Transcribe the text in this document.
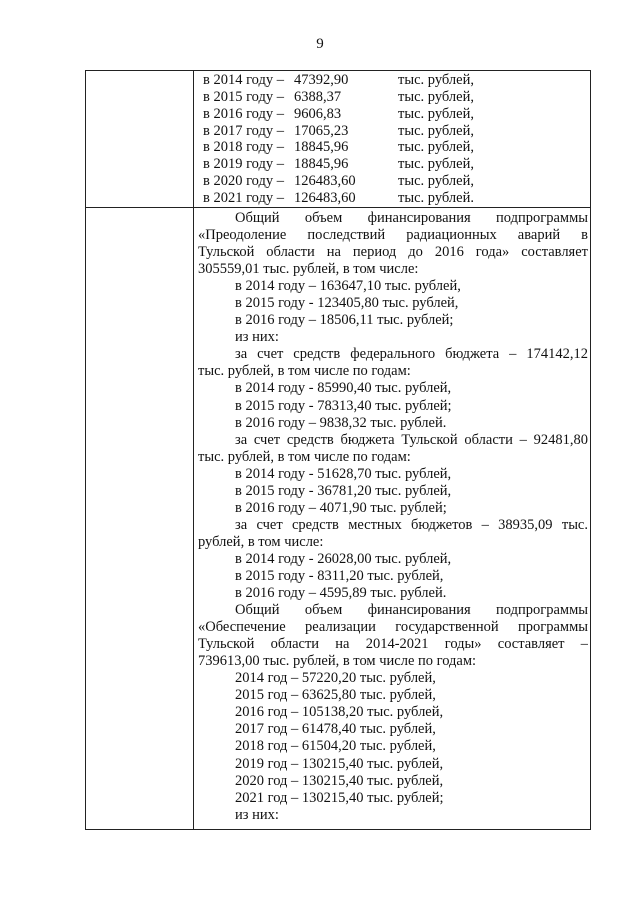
9
в 2014 году – 47392,90	тыс. рублей,
в 2015 году – 6388,37	тыс. рублей,
в 2016 году – 9606,83	тыс. рублей,
в 2017 году – 17065,23	тыс. рублей,
в 2018 году – 18845,96	тыс. рублей,
в 2019 году – 18845,96	тыс. рублей,
в 2020 году – 126483,60	тыс. рублей,
в 2021 году – 126483,60	тыс. рублей.
Общий объем финансирования подпрограммы
«Преодоление последствий радиационных аварий в
Тульской области на период до 2016 года» составляет
305559,01 тыс. рублей, в том числе:
в 2014 году – 163647,10 тыс. рублей,
в 2015 году - 123405,80 тыс. рублей,
в 2016 году – 18506,11 тыс. рублей;
из них:
за счет средств федерального бюджета – 174142,12
тыс. рублей, в том числе по годам:
в 2014 году - 85990,40 тыс. рублей,
в 2015 году - 78313,40 тыс. рублей;
в 2016 году – 9838,32 тыс. рублей.
за счет средств бюджета Тульской области – 92481,80
тыс. рублей, в том числе по годам:
в 2014 году - 51628,70 тыс. рублей,
в 2015 году - 36781,20 тыс. рублей,
в 2016 году – 4071,90 тыс. рублей;
за счет средств местных бюджетов – 38935,09 тыс.
рублей, в том числе:
в 2014 году - 26028,00 тыс. рублей,
в 2015 году - 8311,20 тыс. рублей,
в 2016 году – 4595,89 тыс. рублей.
Общий объем финансирования подпрограммы
«Обеспечение реализации государственной программы
Тульской области на 2014-2021 годы» составляет –
739613,00 тыс. рублей, в том числе по годам:
2014 год – 57220,20 тыс. рублей,
2015 год – 63625,80 тыс. рублей,
2016 год – 105138,20 тыс. рублей,
2017 год – 61478,40 тыс. рублей,
2018 год – 61504,20 тыс. рублей,
2019 год – 130215,40 тыс. рублей,
2020 год – 130215,40 тыс. рублей,
2021 год – 130215,40 тыс. рублей;
из них:
